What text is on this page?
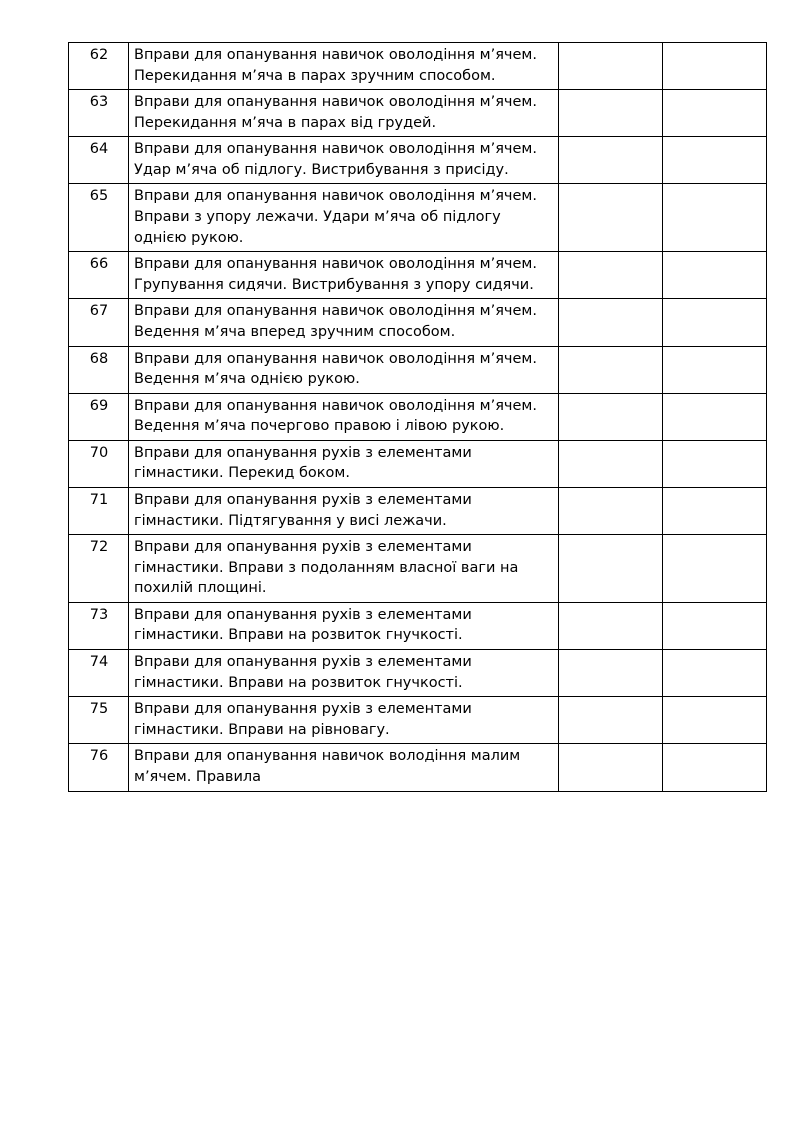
62	Вправи для опанування навичок оволодіння м’ячем. Перекидання м’яча в парах зручним способом.		
63	Вправи для опанування навичок оволодіння м’ячем. Перекидання м’яча в парах від грудей.		
64	Вправи для опанування навичок оволодіння м’ячем. Удар м’яча об підлогу. Вистрибування з присіду.		
65	Вправи для опанування навичок оволодіння м’ячем. Вправи з упору лежачи. Удари м’яча об підлогу однією рукою.		
66	Вправи для опанування навичок оволодіння м’ячем. Групування сидячи. Вистрибування з упору сидячи.		
67	Вправи для опанування навичок оволодіння м’ячем. Ведення м’яча вперед зручним способом.		
68	Вправи для опанування навичок оволодіння м’ячем. Ведення м’яча однією рукою.		
69	Вправи для опанування навичок оволодіння м’ячем. Ведення м’яча почергово правою і лівою рукою.		
70	Вправи для опанування рухів з елементами гімнастики. Перекид боком.		
71	Вправи для опанування рухів з елементами гімнастики. Підтягування у висі лежачи.		
72	Вправи для опанування рухів з елементами гімнастики. Вправи з подоланням власної ваги на похилій площині.		
73	Вправи для опанування рухів з елементами гімнастики. Вправи на розвиток гнучкості.		
74	Вправи для опанування рухів з елементами гімнастики. Вправи на розвиток гнучкості.		
75	Вправи для опанування рухів з елементами гімнастики. Вправи на рівновагу.		
76	Вправи для опанування навичок володіння малим м’ячем. Правила		
